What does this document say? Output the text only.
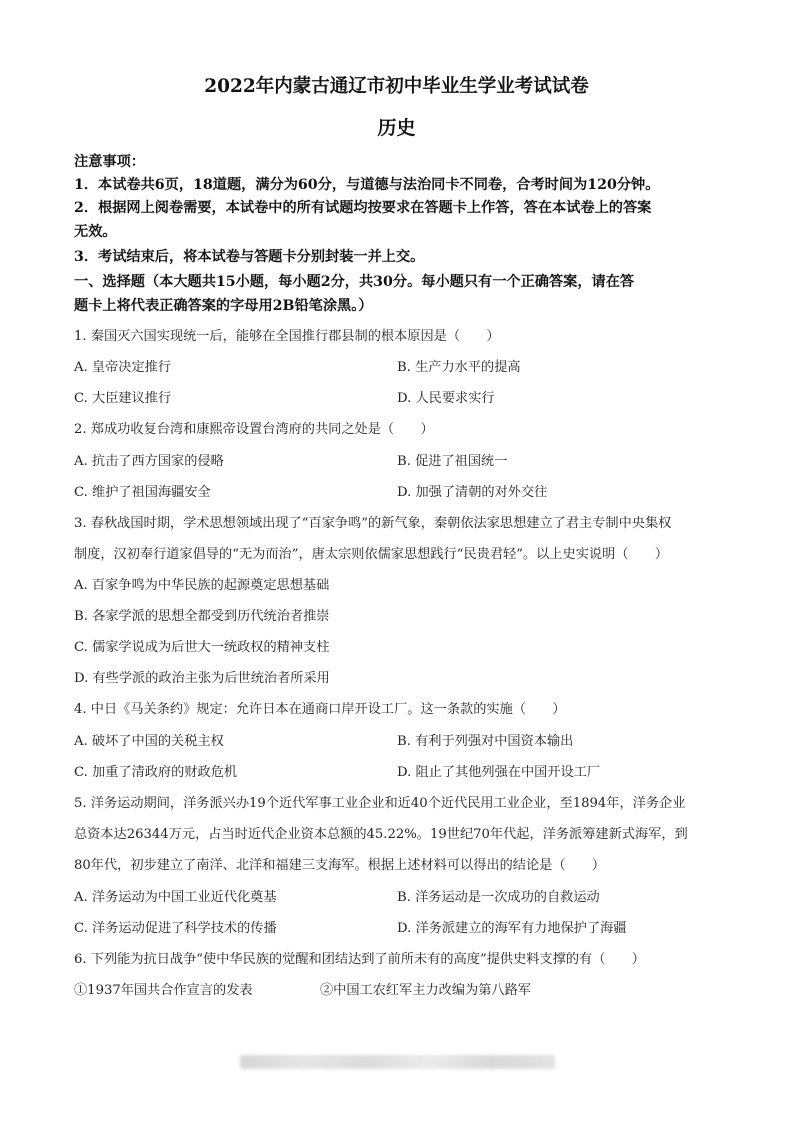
2022年内蒙古通辽市初中毕业生学业考试试卷
历史
注意事项：
1．本试卷共6页，18道题，满分为60分，与道德与法治同卡不同卷，合考时间为120分钟。
2．根据网上阅卷需要，本试卷中的所有试题均按要求在答题卡上作答，答在本试卷上的答案
无效。
3．考试结束后，将本试卷与答题卡分别封装一并上交。
一、选择题（本大题共15小题，每小题2分，共30分。每小题只有一个正确答案，请在答
题卡上将代表正确答案的字母用2B铅笔涂黑。）
1. 秦国灭六国实现统一后，能够在全国推行郡县制的根本原因是（　　）
A. 皇帝决定推行	B. 生产力水平的提高
C. 大臣建议推行	D. 人民要求实行
2. 郑成功收复台湾和康熙帝设置台湾府的共同之处是（　　）
A. 抗击了西方国家的侵略	B. 促进了祖国统一
C. 维护了祖国海疆安全	D. 加强了清朝的对外交往
3. 春秋战国时期，学术思想领域出现了“百家争鸣”的新气象，秦朝依法家思想建立了君主专制中央集权
制度，汉初奉行道家倡导的“无为而治”，唐太宗则依儒家思想践行“民贵君轻”。以上史实说明（　　）
A. 百家争鸣为中华民族的起源奠定思想基础
B. 各家学派的思想全都受到历代统治者推崇
C. 儒家学说成为后世大一统政权的精神支柱
D. 有些学派的政治主张为后世统治者所采用
4. 中日《马关条约》规定：允许日本在通商口岸开设工厂。这一条款的实施（　　）
A. 破坏了中国的关税主权	B. 有利于列强对中国资本输出
C. 加重了清政府的财政危机	D. 阻止了其他列强在中国开设工厂
5. 洋务运动期间，洋务派兴办19个近代军事工业企业和近40个近代民用工业企业，至1894年，洋务企业
总资本达26344万元，占当时近代企业资本总额的45.22%。19世纪70年代起，洋务派筹建新式海军，到
80年代，初步建立了南洋、北洋和福建三支海军。根据上述材料可以得出的结论是（　　）
A. 洋务运动为中国工业近代化奠基	B. 洋务运动是一次成功的自救运动
C. 洋务运动促进了科学技术的传播	D. 洋务派建立的海军有力地保护了海疆
6. 下列能为抗日战争“使中华民族的觉醒和团结达到了前所未有的高度”提供史料支撑的有（　　）
①1937年国共合作宣言的发表	②中国工农红军主力改编为第八路军
